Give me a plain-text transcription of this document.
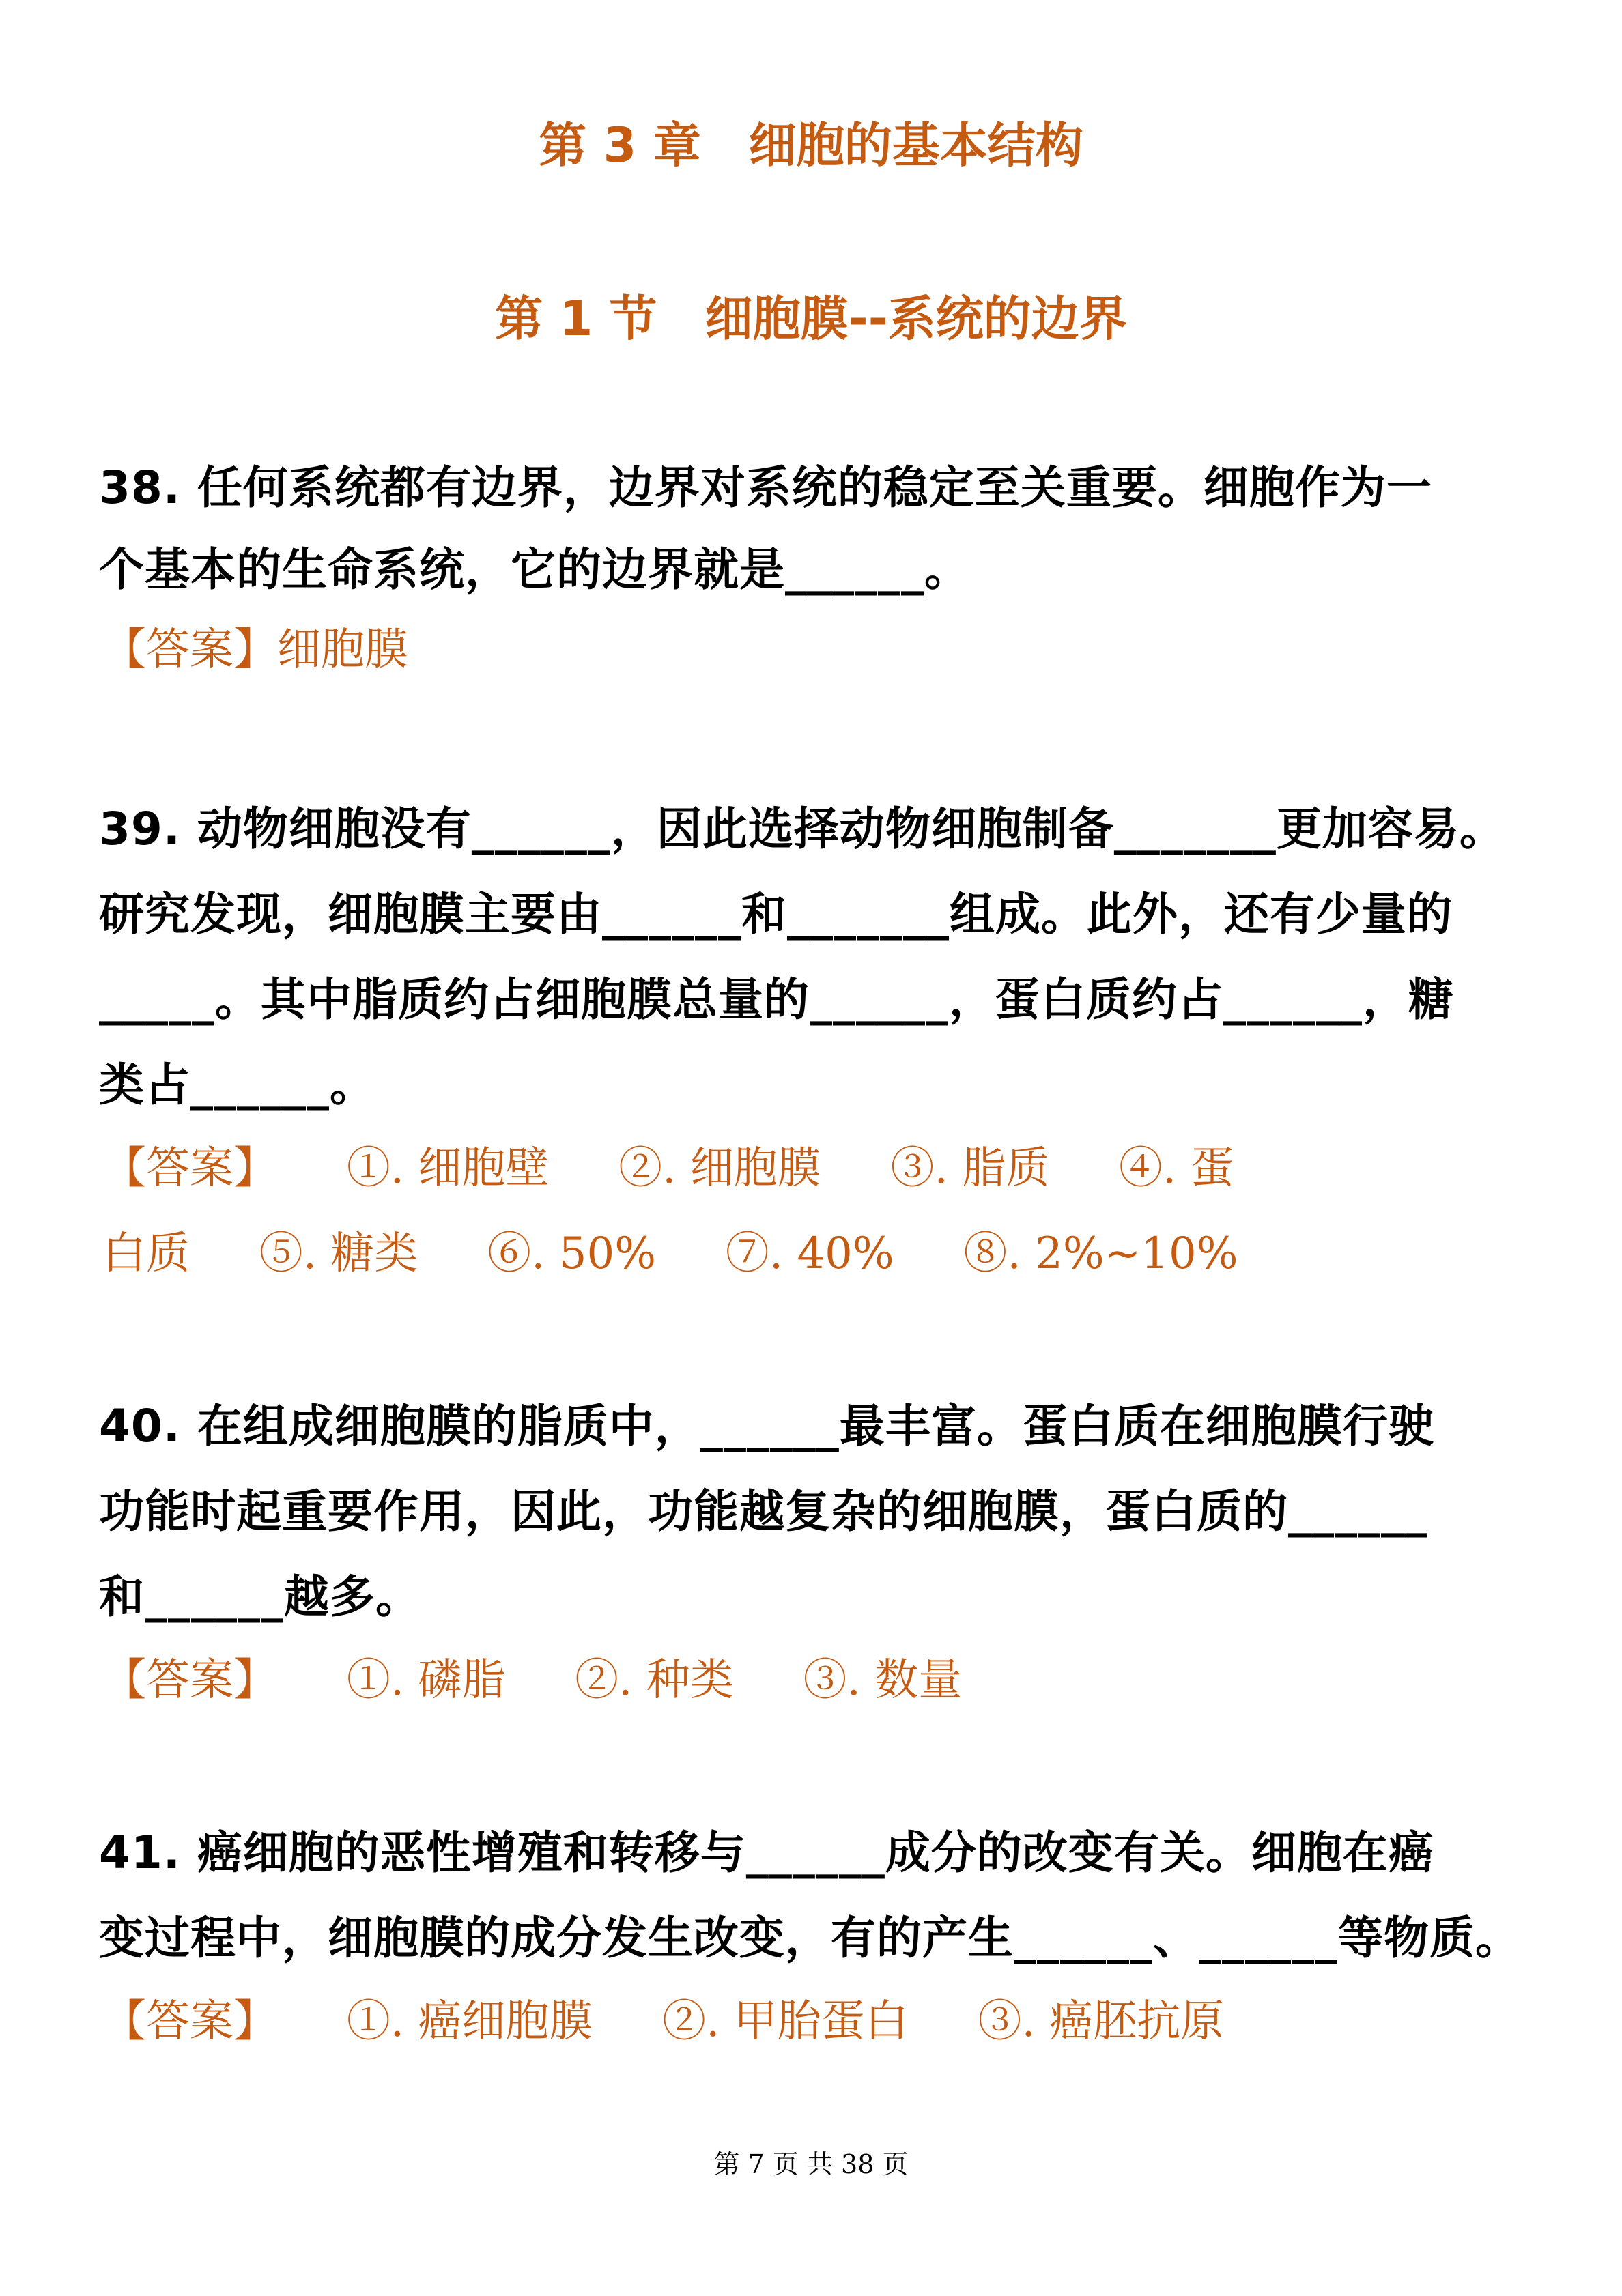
第 3 章　细胞的基本结构
第 1 节　细胞膜--系统的边界
38. 任何系统都有边界，边界对系统的稳定至关重要。细胞作为一
个基本的生命系统，它的边界就是______。
【答案】细胞膜
39. 动物细胞没有______，因此选择动物细胞制备_______更加容易。
研究发现，细胞膜主要由______和_______组成。此外，还有少量的
_____。其中脂质约占细胞膜总量的______，蛋白质约占______，糖
类占______。
【答案】     ①. 细胞壁     ②. 细胞膜     ③. 脂质     ④. 蛋
白质     ⑤. 糖类     ⑥. 50%     ⑦. 40%     ⑧. 2%~10%
40. 在组成细胞膜的脂质中，______最丰富。蛋白质在细胞膜行驶
功能时起重要作用，因此，功能越复杂的细胞膜，蛋白质的______
和______越多。
【答案】     ①. 磷脂     ②. 种类     ③. 数量
41. 癌细胞的恶性增殖和转移与______成分的改变有关。细胞在癌
变过程中，细胞膜的成分发生改变，有的产生______、______等物质。
【答案】     ①. 癌细胞膜     ②. 甲胎蛋白     ③. 癌胚抗原
第 7 页 共 38 页
